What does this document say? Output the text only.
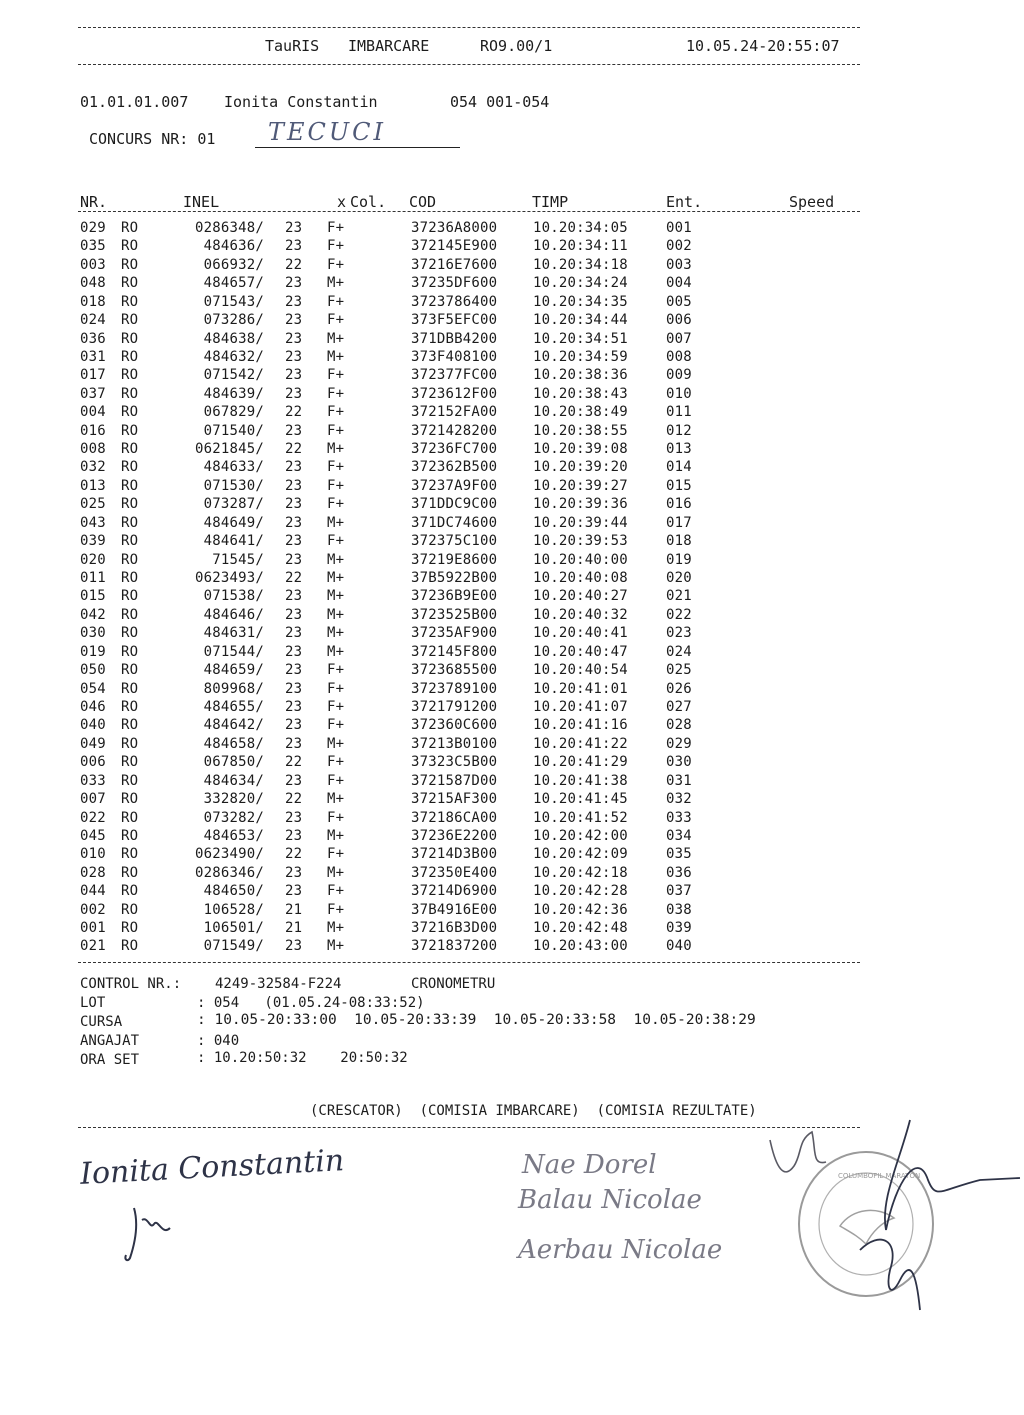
TauRIS IMBARCARE	RO9.00/1	10.05.24-20:55:07
01.01.01.007 Ionita Constantin	054 001-054
CONCURS NR: 01 TECUCI
NR.	INEL	x Col. COD	TIMP	Ent.	Speed
029 RO	0286348/ 23 F+	37236A8000	10.20:34:05	001
035 RO	484636/ 23 F+	372145E900	10.20:34:11	002
003 RO	066932/ 22 F+	37216E7600	10.20:34:18	003
048 RO	484657/ 23 M+	37235DF600	10.20:34:24	004
018 RO	071543/ 23 F+	3723786400	10.20:34:35	005
024 RO	073286/ 23 F+	373F5EFC00	10.20:34:44	006
036 RO	484638/ 23 M+	371DBB4200	10.20:34:51	007
031 RO	484632/ 23 M+	373F408100	10.20:34:59	008
017 RO	071542/ 23 F+	372377FC00	10.20:38:36	009
037 RO	484639/ 23 F+	3723612F00	10.20:38:43	010
004 RO	067829/ 22 F+	372152FA00	10.20:38:49	011
016 RO	071540/ 23 F+	3721428200	10.20:38:55	012
008 RO	0621845/ 22 M+	37236FC700	10.20:39:08	013
032 RO	484633/ 23 F+	372362B500	10.20:39:20	014
013 RO	071530/ 23 F+	37237A9F00	10.20:39:27	015
025 RO	073287/ 23 F+	371DDC9C00	10.20:39:36	016
043 RO	484649/ 23 M+	371DC74600	10.20:39:44	017
039 RO	484641/ 23 F+	372375C100	10.20:39:53	018
020 RO	71545/ 23 M+	37219E8600	10.20:40:00	019
011 RO	0623493/ 22 M+	37B5922B00	10.20:40:08	020
015 RO	071538/ 23 M+	37236B9E00	10.20:40:27	021
042 RO	484646/ 23 M+	3723525B00	10.20:40:32	022
030 RO	484631/ 23 M+	37235AF900	10.20:40:41	023
019 RO	071544/ 23 M+	372145F800	10.20:40:47	024
050 RO	484659/ 23 F+	3723685500	10.20:40:54	025
054 RO	809968/ 23 F+	3723789100	10.20:41:01	026
046 RO	484655/ 23 F+	3721791200	10.20:41:07	027
040 RO	484642/ 23 F+	372360C600	10.20:41:16	028
049 RO	484658/ 23 M+	37213B0100	10.20:41:22	029
006 RO	067850/ 22 F+	37323C5B00	10.20:41:29	030
033 RO	484634/ 23 F+	3721587D00	10.20:41:38	031
007 RO	332820/ 22 M+	37215AF300	10.20:41:45	032
022 RO	073282/ 23 F+	372186CA00	10.20:41:52	033
045 RO	484653/ 23 M+	37236E2200	10.20:42:00	034
010 RO	0623490/ 22 F+	37214D3B00	10.20:42:09	035
028 RO	0286346/ 23 M+	372350E400	10.20:42:18	036
044 RO	484650/ 23 F+	37214D6900	10.20:42:28	037
002 RO	106528/ 21 F+	37B4916E00	10.20:42:36	038
001 RO	106501/ 21 M+	37216B3D00	10.20:42:48	039
021 RO	071549/ 23 M+	3721837200	10.20:43:00	040
CONTROL NR.: 4249-32584-F224	CRONOMETRU
LOT	: 054   (01.05.24-08:33:52)
CURSA	: 10.05-20:33:00  10.05-20:33:39  10.05-20:33:58  10.05-20:38:29
ANGAJAT	: 040
ORA SET	: 10.20:50:32    20:50:32
(CRESCATOR)  (COMISIA IMBARCARE)  (COMISIA REZULTATE)
Ionita Constantin	Nae Dorel
Balau Nicolae
Aerbau Nicolae
COLUMBOFIL MARATON
